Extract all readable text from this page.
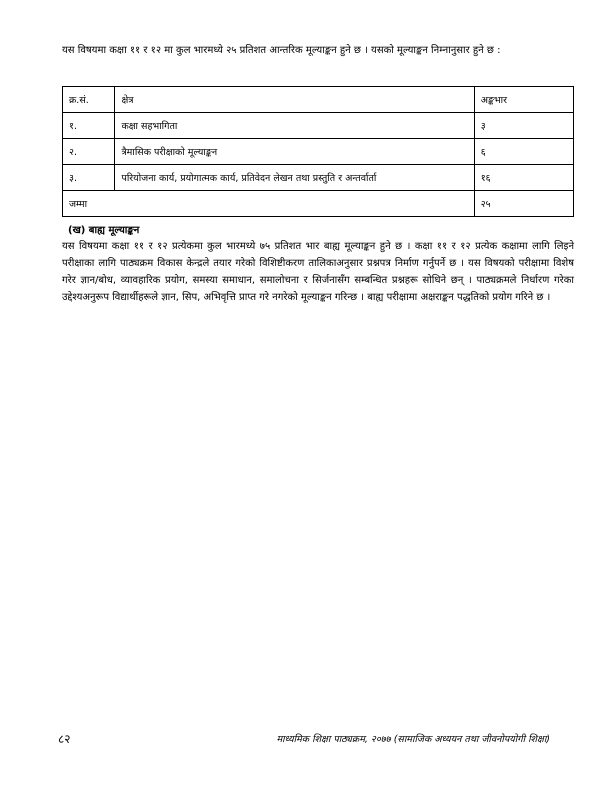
यस विषयमा कक्षा ११ र १२ मा कुल भारमध्ये २५ प्रतिशत आन्तरिक मूल्याङ्कन हुने छ । यसको मूल्याङ्कन निम्नानुसार हुने छ :

क्र.सं.	क्षेत्र	अङ्कभार
१.	कक्षा सहभागिता	३
२.	त्रैमासिक परीक्षाको मूल्याङ्कन	६
३.	परियोजना कार्य, प्रयोगात्मक कार्य, प्रतिवेदन लेखन तथा प्रस्तुति र अन्तर्वार्ता	१६
जम्मा		२५
(ख) बाह्य मूल्याङ्कन

यस विषयमा कक्षा ११ र १२ प्रत्येकमा कुल भारमध्ये ७५ प्रतिशत भार बाह्य मूल्याङ्कन हुने छ । कक्षा ११ र १२ प्रत्येक कक्षामा लागि लिइने परीक्षाका लागि पाठ्यक्रम विकास केन्द्रले तयार गरेको विशिष्टीकरण तालिकाअनुसार प्रश्नपत्र निर्माण गर्नुपर्ने छ । यस विषयको परीक्षामा विशेष गरेर ज्ञान/बोध, व्यावहारिक प्रयोग, समस्या समाधान, समालोचना र सिर्जनासँग सम्बन्धित प्रश्नहरू सोधिने छन् । पाठ्यक्रमले निर्धारण गरेका उद्देश्यअनुरूप विद्यार्थीहरूले ज्ञान, सिप, अभिवृत्ति प्राप्त गरे नगरेको मूल्याङ्कन गरिन्छ । बाह्य परीक्षामा अक्षराङ्कन पद्धतिको प्रयोग गरिने छ ।

८२	माध्यमिक शिक्षा पाठ्यक्रम, २०७७ (सामाजिक अध्ययन तथा जीवनोपयोगी शिक्षा)
